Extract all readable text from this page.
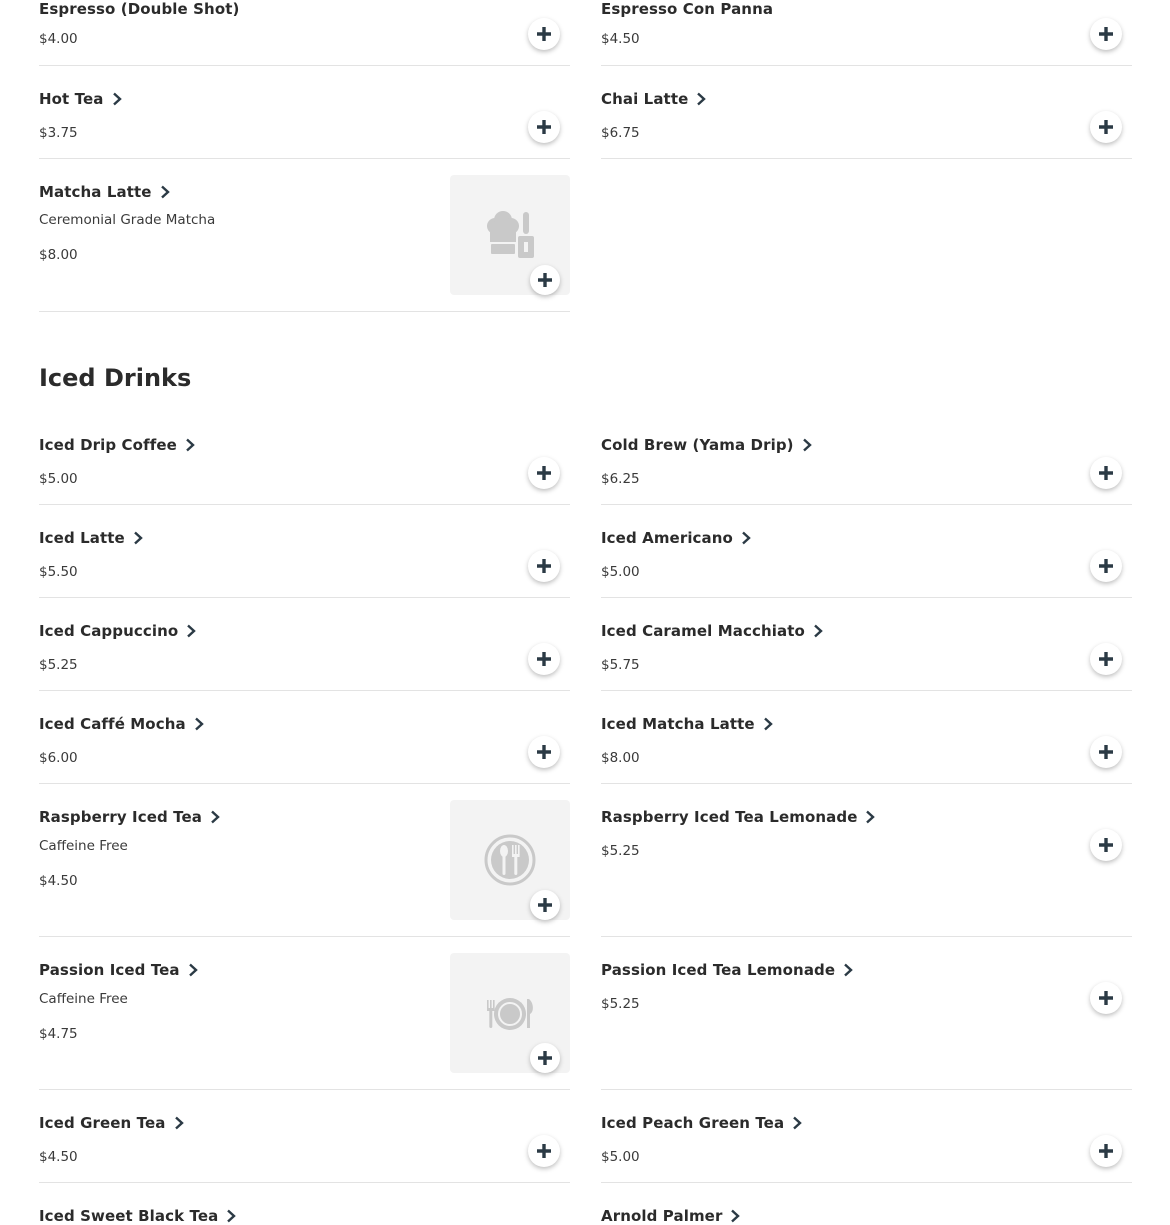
Espresso (Double Shot)
$4.00
Espresso Con Panna
$4.50
Hot Tea
$3.75
Chai Latte
$6.75
Matcha Latte
Ceremonial Grade Matcha
$8.00
Iced Drinks
Iced Drip Coffee
$5.00
Cold Brew (Yama Drip)
$6.25
Iced Latte
$5.50
Iced Americano
$5.00
Iced Cappuccino
$5.25
Iced Caramel Macchiato
$5.75
Iced Caffé Mocha
$6.00
Iced Matcha Latte
$8.00
Raspberry Iced Tea
Caffeine Free
$4.50
Raspberry Iced Tea Lemonade
$5.25
Passion Iced Tea
Caffeine Free
$4.75
Passion Iced Tea Lemonade
$5.25
Iced Green Tea
$4.50
Iced Peach Green Tea
$5.00
Iced Sweet Black Tea	Arnold Palmer
